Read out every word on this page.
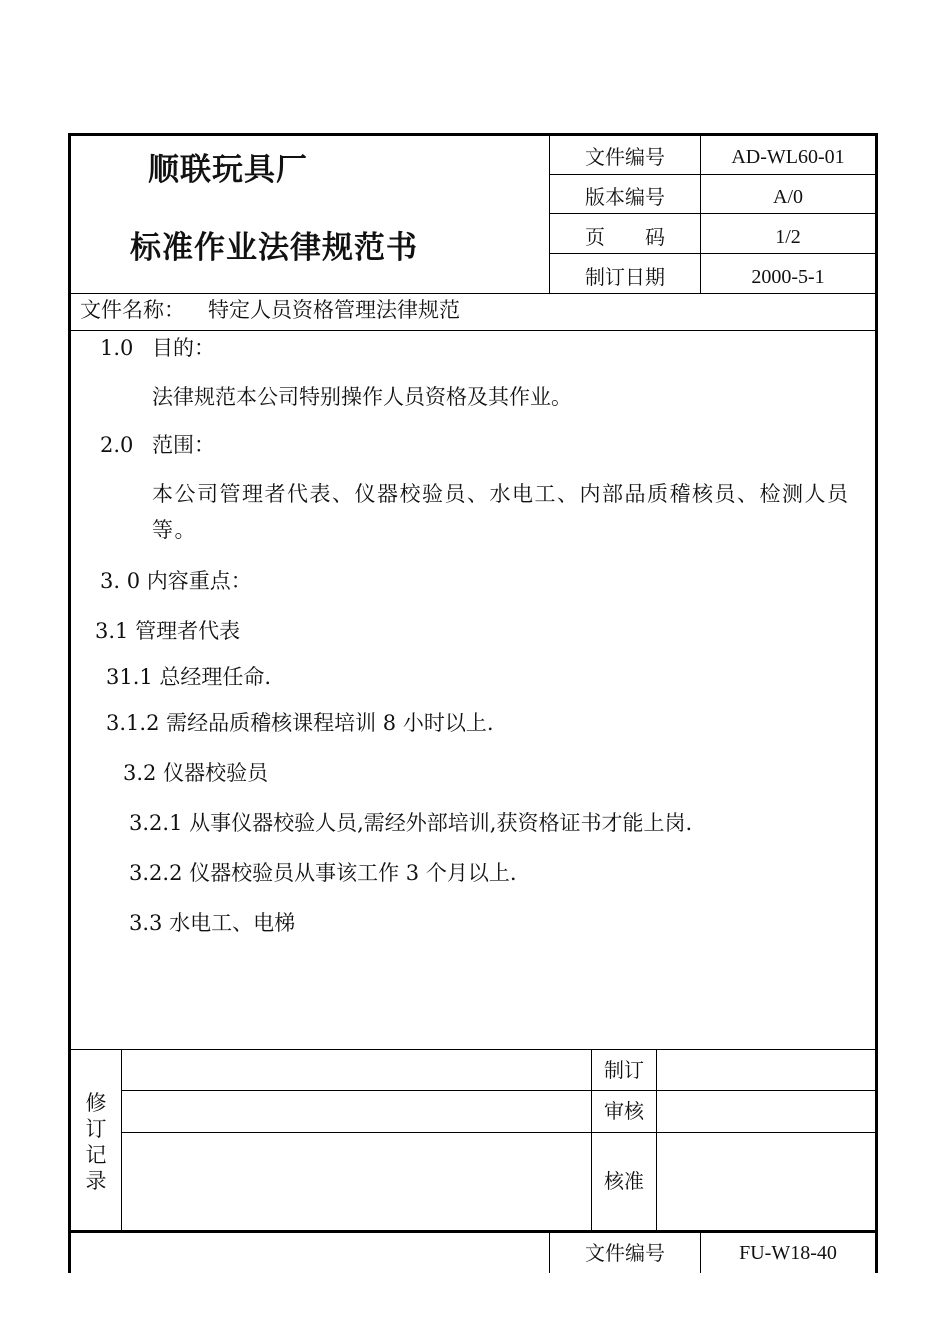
顺联玩具厂
标准作业法律规范书
文件编号	AD-WL60-01
版本编号	A/0
页　　码	1/2
制订日期	2000-5-1
文件名称： 特定人员资格管理法律规范
1.0 目的：
法律规范本公司特别操作人员资格及其作业。
2.0 范围：
本公司管理者代表、仪器校验员、水电工、内部品质稽核员、检测人员等。
3. 0 内容重点：
3.1 管理者代表
31.1 总经理任命.
3.1.2 需经品质稽核课程培训 8 小时以上.
3.2 仪器校验员
3.2.1 从事仪器校验人员,需经外部培训,获资格证书才能上岗.
3.2.2 仪器校验员从事该工作 3 个月以上.
3.3 水电工、电梯
修订记录
制订
审核
核准
文件编号	FU-W18-40
